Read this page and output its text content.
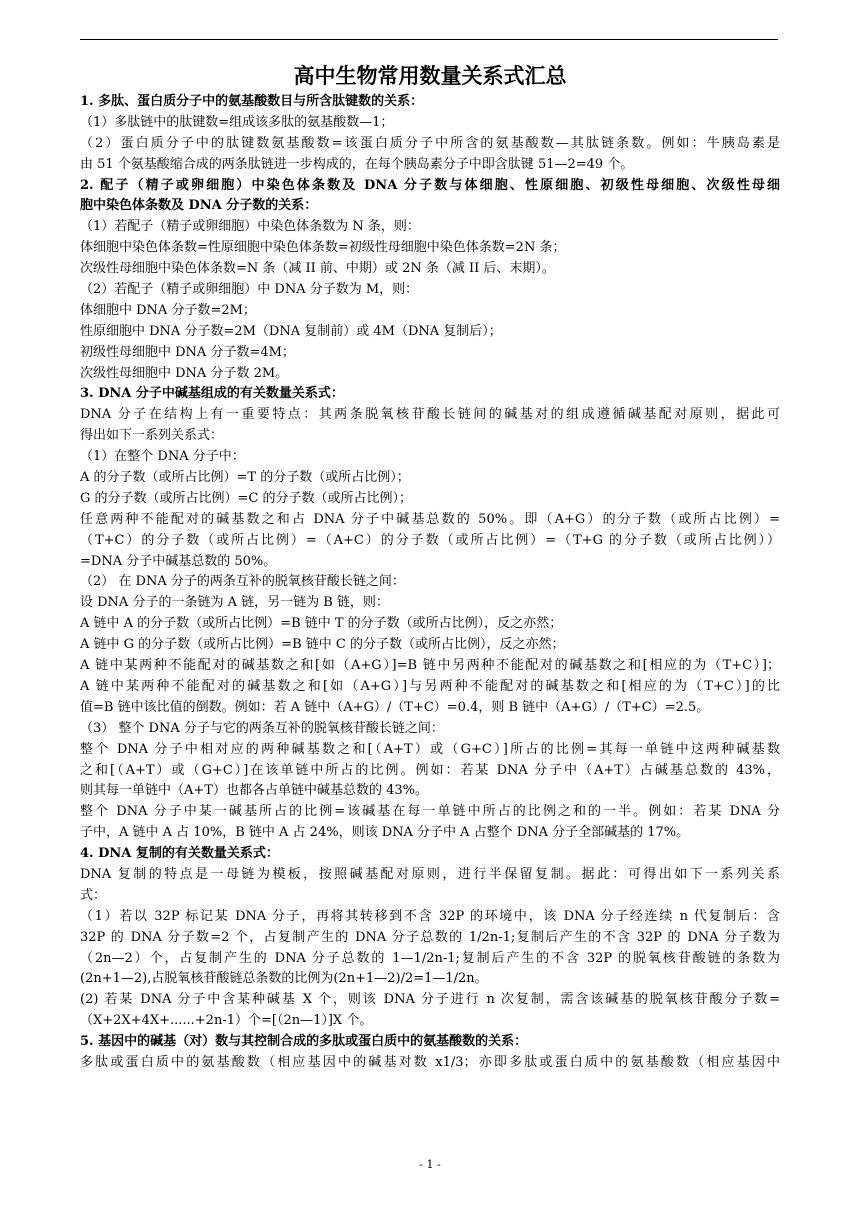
高中生物常用数量关系式汇总
1. 多肽、蛋白质分子中的氨基酸数目与所含肽键数的关系：
（1）多肽链中的肽键数=组成该多肽的氨基酸数—1；
（2）蛋白质分子中的肽键数氨基酸数=该蛋白质分子中所含的氨基酸数—其肽链条数。例如：牛胰岛素是
由 51 个氨基酸缩合成的两条肽链进一步构成的，在每个胰岛素分子中即含肽键 51—2=49 个。
2. 配子（精子或卵细胞）中染色体条数及 DNA 分子数与体细胞、性原细胞、初级性母细胞、次级性母细
胞中染色体条数及 DNA 分子数的关系：
（1）若配子（精子或卵细胞）中染色体条数为 N 条，则：
体细胞中染色体条数=性原细胞中染色体条数=初级性母细胞中染色体条数=2N 条；
次级性母细胞中染色体条数=N 条（减 II 前、中期）或 2N 条（减 II 后、末期）。
（2）若配子（精子或卵细胞）中 DNA 分子数为 M，则：
体细胞中 DNA 分子数=2M；
性原细胞中 DNA 分子数=2M（DNA 复制前）或 4M（DNA 复制后）；
初级性母细胞中 DNA 分子数=4M；
次级性母细胞中 DNA 分子数 2M。
3. DNA 分子中碱基组成的有关数量关系式：
DNA 分子在结构上有一重要特点：其两条脱氧核苷酸长链间的碱基对的组成遵循碱基配对原则，据此可
得出如下一系列关系式：
（1）在整个 DNA 分子中：
A 的分子数（或所占比例）=T 的分子数（或所占比例）；
G 的分子数（或所占比例）=C 的分子数（或所占比例）；
任意两种不能配对的碱基数之和占 DNA 分子中碱基总数的 50%。即（A+G）的分子数（或所占比例）=
（T+C）的分子数（或所占比例）=（A+C）的分子数（或所占比例）=（T+G 的分子数（或所占比例））
=DNA 分子中碱基总数的 50%。
（2） 在 DNA 分子的两条互补的脱氧核苷酸长链之间：
设 DNA 分子的一条链为 A 链，另一链为 B 链，则：
A 链中 A 的分子数（或所占比例）=B 链中 T 的分子数（或所占比例），反之亦然；
A 链中 G 的分子数（或所占比例）=B 链中 C 的分子数（或所占比例），反之亦然；
A 链中某两种不能配对的碱基数之和[如（A+G）]=B 链中另两种不能配对的碱基数之和[相应的为（T+C）]；
A 链中某两种不能配对的碱基数之和[如（A+G）]与另两种不能配对的碱基数之和[相应的为（T+C）]的比
值=B 链中该比值的倒数。例如：若 A 链中（A+G）/（T+C）=0.4，则 B 链中（A+G）/（T+C）=2.5。
（3） 整个 DNA 分子与它的两条互补的脱氧核苷酸长链之间：
整个 DNA 分子中相对应的两种碱基数之和[（A+T）或（G+C）]所占的比例=其每一单链中这两种碱基数
之和[（A+T）或（G+C）]在该单链中所占的比例。例如：若某 DNA 分子中（A+T）占碱基总数的 43%，
则其每一单链中（A+T）也都各占单链中碱基总数的 43%。
整个 DNA 分子中某一碱基所占的比例=该碱基在每一单链中所占的比例之和的一半。例如：若某 DNA 分
子中，A 链中 A 占 10%，B 链中 A 占 24%，则该 DNA 分子中 A 占整个 DNA 分子全部碱基的 17%。
4. DNA 复制的有关数量关系式：
DNA 复制的特点是一母链为模板，按照碱基配对原则，进行半保留复制。据此：可得出如下一系列关系
式：
（1）若以 32P 标记某 DNA 分子，再将其转移到不含 32P 的环境中，该 DNA 分子经连续 n 代复制后：含
32P 的 DNA 分子数=2 个，占复制产生的 DNA 分子总数的 1/2n-1;复制后产生的不含 32P 的 DNA 分子数为
（2n—2）个，占复制产生的 DNA 分子总数的 1—1/2n-1;复制后产生的不含 32P 的脱氧核苷酸链的条数为
(2n+1—2),占脱氧核苷酸链总条数的比例为(2n+1—2)/2=1—1/2n。
(2) 若某 DNA 分子中含某种碱基 X 个，则该 DNA 分子进行 n 次复制，需含该碱基的脱氧核苷酸分子数=
（X+2X+4X+......+2n-1）个=[（2n—1）]X 个。
5. 基因中的碱基（对）数与其控制合成的多肽或蛋白质中的氨基酸数的关系：
多肽或蛋白质中的氨基酸数（相应基因中的碱基对数 x1/3；亦即多肽或蛋白质中的氨基酸数（相应基因中
- 1 -
